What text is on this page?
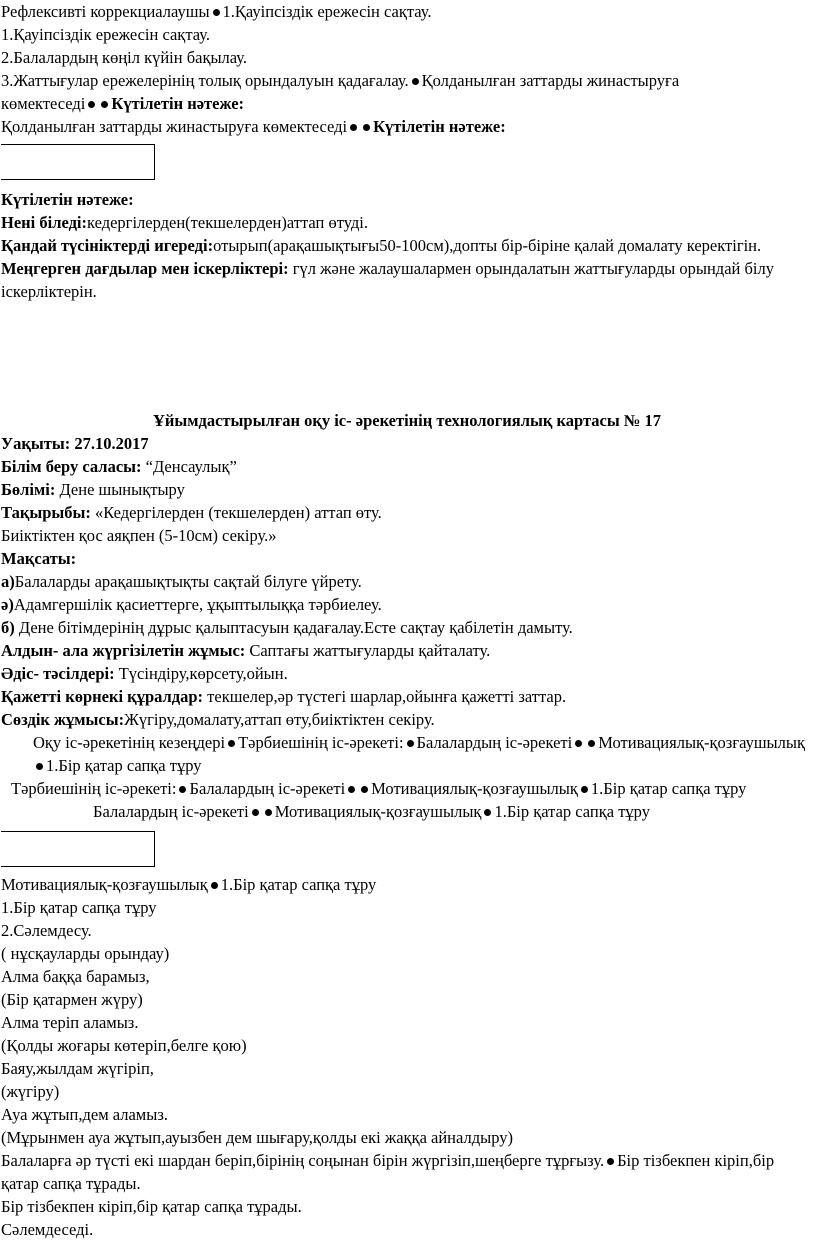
Рефлексивті коррекциалаушы 1.Қауіпсіздік ережесін сақтау.

1.Қауіпсіздік ережесін сақтау.

2.Балалардың көңіл күйін бақылау.

3.Жаттығулар ережелерінің толық орындалуын қадағалау. Қолданылған заттарды жинастыруға
көмектеседі Күтілетін нәтеже:

Қолданылған заттарды жинастыруға көмектеседі Күтілетін нәтеже:

Күтілетін нәтеже:

Нені біледі:кедергілерден(текшелерден)аттап өтуді.

Қандай түсініктерді игереді:отырып(арақашықтығы50-100см),допты бір-біріне қалай домалату керектігін.

Меңгерген дағдылар мен іскерліктері: гүл және жалаушалармен орындалатын жаттығуларды орындай білу іскерліктерін.

Ұйымдастырылған оқу іс- әрекетінің технологиялық картасы № 17

Уақыты: 27.10.2017

Білім беру саласы: “Денсаулық”

Бөлімі: Дене шынықтыру

Тақырыбы: «Кедергілерден (текшелерден) аттап өту.

Биіктіктен қос аяқпен (5-10см) секіру.»

Мақсаты:

а)Балаларды арақашықтықты сақтай білуге үйрету.

ә)Адамгершілік қасиеттерге, ұқыптылыққа тәрбиелеу.

б) Дене бітімдерінің дұрыс қалыптасуын қадағалау.Есте сақтау қабілетін дамыту.

Алдын- ала жүргізілетін жұмыс: Саптағы жаттығуларды қайталату.

Әдіс- тәсілдері: Түсіндіру,көрсету,ойын.

Қажетті көрнекі құралдар: текшелер,әр түстегі шарлар,ойынға қажетті заттар.

Сөздік жұмысы:Жүгіру,домалату,аттап өту,биіктіктен секіру.

Оқу іс-әрекетінің кезеңдері Тәрбиешінің іс-әрекеті: Балалардың іс-әрекеті Мотивациялық-қозғаушылық1.Бір қатар сапқа тұру

Тәрбиешінің іс-әрекеті: Балалардың іс-әрекеті Мотивациялық-қозғаушылық 1.Бір қатар сапқа тұру

Балалардың іс-әрекеті Мотивациялық-қозғаушылық 1.Бір қатар сапқа тұру

Мотивациялық-қозғаушылық 1.Бір қатар сапқа тұру

1.Бір қатар сапқа тұру

2.Сәлемдесу.

( нұсқауларды орындау)

Алма баққа барамыз,

(Бір қатармен жүру)

Алма теріп аламыз.

(Қолды жоғары көтеріп,белге қою)

Баяу,жылдам жүгіріп,

(жүгіру)

Ауа жұтып,дем аламыз.

(Мұрынмен ауа жұтып,ауызбен дем шығару,қолды екі жаққа айналдыру)

Балаларға әр түсті екі шардан беріп,бірінің соңынан бірін жүргізіп,шеңберге тұрғызу. Бір тізбекпен кіріп,бір қатар сапқа тұрады.

Бір тізбекпен кіріп,бір қатар сапқа тұрады.

Сәлемдеседі.
